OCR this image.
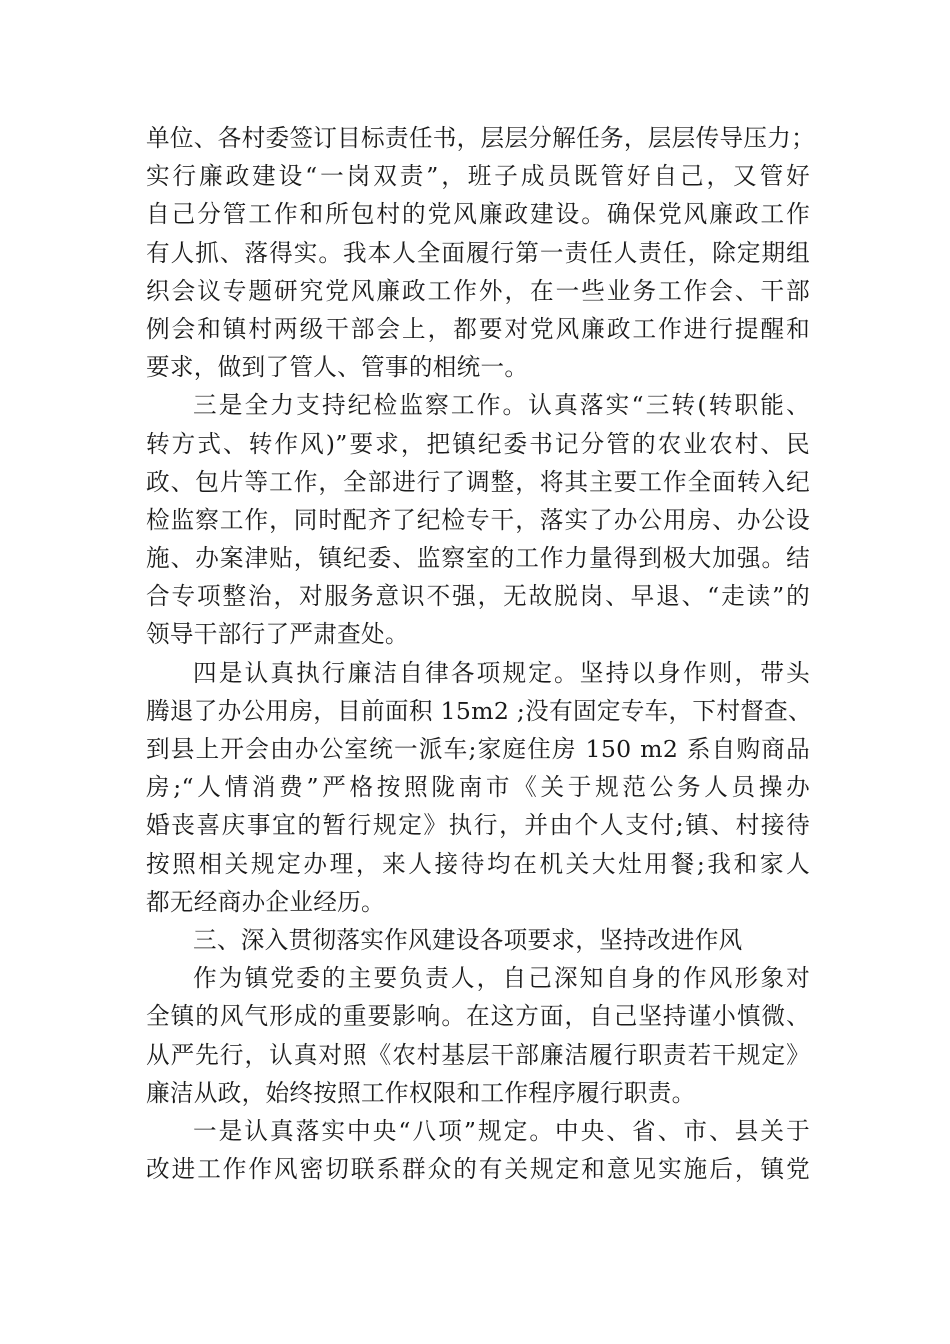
单位、各村委签订目标责任书，层层分解任务，层层传导压力；
实行廉政建设“一岗双责”，班子成员既管好自己，又管好
自己分管工作和所包村的党风廉政建设。确保党风廉政工作
有人抓、落得实。我本人全面履行第一责任人责任，除定期组
织会议专题研究党风廉政工作外，在一些业务工作会、干部
例会和镇村两级干部会上，都要对党风廉政工作进行提醒和
要求，做到了管人、管事的相统一。
三是全力支持纪检监察工作。认真落实“三转(转职能、
转方式、转作风)”要求，把镇纪委书记分管的农业农村、民
政、包片等工作，全部进行了调整，将其主要工作全面转入纪
检监察工作，同时配齐了纪检专干，落实了办公用房、办公设
施、办案津贴，镇纪委、监察室的工作力量得到极大加强。结
合专项整治，对服务意识不强，无故脱岗、早退、“走读”的
领导干部行了严肃查处。
四是认真执行廉洁自律各项规定。坚持以身作则，带头
腾退了办公用房，目前面积 15m2 ;没有固定专车，下村督查、
到县上开会由办公室统一派车;家庭住房 150 m2 系自购商品
房;“人情消费”严格按照陇南市《关于规范公务人员操办
婚丧喜庆事宜的暂行规定》执行，并由个人支付;镇、村接待
按照相关规定办理，来人接待均在机关大灶用餐;我和家人
都无经商办企业经历。
三、深入贯彻落实作风建设各项要求，坚持改进作风
作为镇党委的主要负责人，自己深知自身的作风形象对
全镇的风气形成的重要影响。在这方面，自己坚持谨小慎微、
从严先行，认真对照《农村基层干部廉洁履行职责若干规定》
廉洁从政，始终按照工作权限和工作程序履行职责。
一是认真落实中央“八项”规定。中央、省、市、县关于
改进工作作风密切联系群众的有关规定和意见实施后，镇党
